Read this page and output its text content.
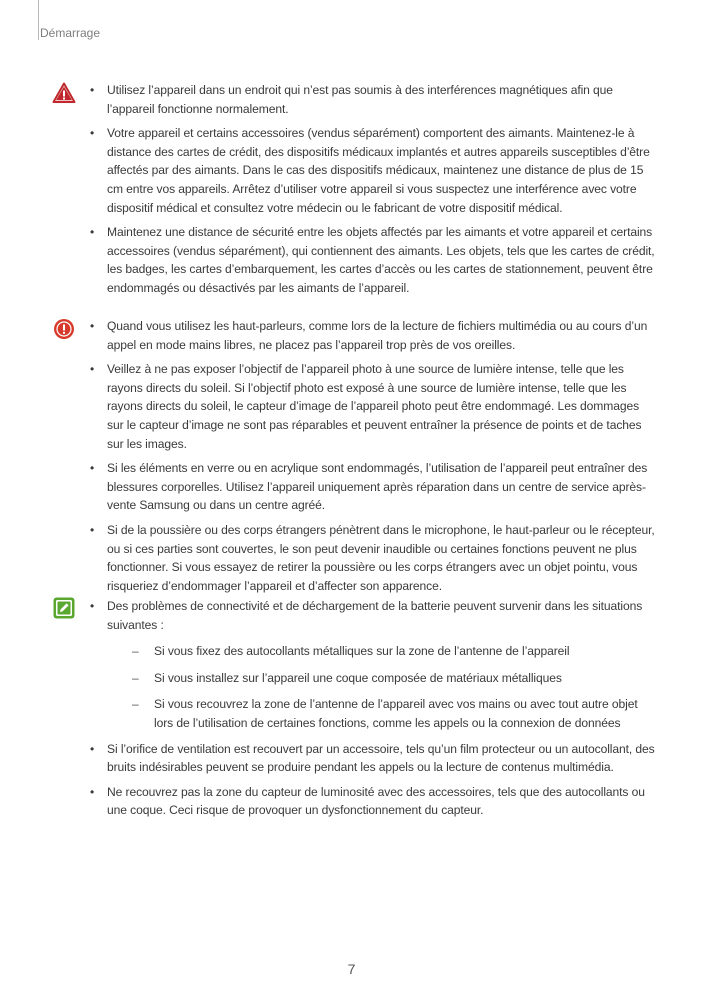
Démarrage
• Utilisez l’appareil dans un endroit qui n’est pas soumis à des interférences magnétiques afin que l’appareil fonctionne normalement.
• Votre appareil et certains accessoires (vendus séparément) comportent des aimants. Maintenez-le à distance des cartes de crédit, des dispositifs médicaux implantés et autres appareils susceptibles d’être affectés par des aimants. Dans le cas des dispositifs médicaux, maintenez une distance de plus de 15 cm entre vos appareils. Arrêtez d’utiliser votre appareil si vous suspectez une interférence avec votre dispositif médical et consultez votre médecin ou le fabricant de votre dispositif médical.
• Maintenez une distance de sécurité entre les objets affectés par les aimants et votre appareil et certains accessoires (vendus séparément), qui contiennent des aimants. Les objets, tels que les cartes de crédit, les badges, les cartes d’embarquement, les cartes d’accès ou les cartes de stationnement, peuvent être endommagés ou désactivés par les aimants de l’appareil.
• Quand vous utilisez les haut-parleurs, comme lors de la lecture de fichiers multimédia ou au cours d’un appel en mode mains libres, ne placez pas l’appareil trop près de vos oreilles.
• Veillez à ne pas exposer l’objectif de l’appareil photo à une source de lumière intense, telle que les rayons directs du soleil. Si l’objectif photo est exposé à une source de lumière intense, telle que les rayons directs du soleil, le capteur d’image de l’appareil photo peut être endommagé. Les dommages sur le capteur d’image ne sont pas réparables et peuvent entraîner la présence de points et de taches sur les images.
• Si les éléments en verre ou en acrylique sont endommagés, l’utilisation de l’appareil peut entraîner des blessures corporelles. Utilisez l’appareil uniquement après réparation dans un centre de service après-vente Samsung ou dans un centre agréé.
• Si de la poussière ou des corps étrangers pénètrent dans le microphone, le haut-parleur ou le récepteur, ou si ces parties sont couvertes, le son peut devenir inaudible ou certaines fonctions peuvent ne plus fonctionner. Si vous essayez de retirer la poussière ou les corps étrangers avec un objet pointu, vous risqueriez d’endommager l’appareil et d’affecter son apparence.
• Des problèmes de connectivité et de déchargement de la batterie peuvent survenir dans les situations suivantes :
– Si vous fixez des autocollants métalliques sur la zone de l’antenne de l’appareil
– Si vous installez sur l’appareil une coque composée de matériaux métalliques
– Si vous recouvrez la zone de l’antenne de l’appareil avec vos mains ou avec tout autre objet lors de l’utilisation de certaines fonctions, comme les appels ou la connexion de données
• Si l’orifice de ventilation est recouvert par un accessoire, tels qu’un film protecteur ou un autocollant, des bruits indésirables peuvent se produire pendant les appels ou la lecture de contenus multimédia.
• Ne recouvrez pas la zone du capteur de luminosité avec des accessoires, tels que des autocollants ou une coque. Ceci risque de provoquer un dysfonctionnement du capteur.
7
